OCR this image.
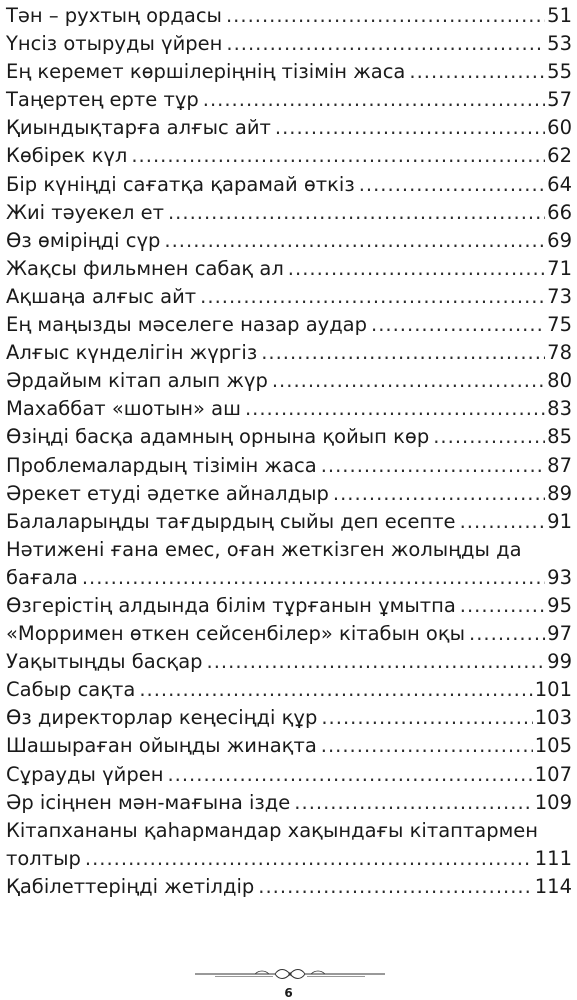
Тән – рухтың ордасы .....	51
Үнсіз отыруды үйрен .....	53
Ең керемет көршілеріңнің тізімін жаса .....	55
Таңертең ерте тұр .....	57
Қиындықтарға алғыс айт .....	60
Көбірек күл .....	62
Бір күніңді сағатқа қарамай өткіз .....	64
Жиі тәуекел ет .....	66
Өз өміріңді сүр .....	69
Жақсы фильмнен сабақ ал .....	71
Ақшаңа алғыс айт .....	73
Ең маңызды мәселеге назар аудар .....	75
Алғыс күнделігін жүргіз .....	78
Әрдайым кітап алып жүр .....	80
Махаббат «шотын» аш .....	83
Өзіңді басқа адамның орнына қойып көр .....	85
Проблемалардың тізімін жаса .....	87
Әрекет етуді әдетке айналдыр .....	89
Балаларыңды тағдырдың сыйы деп есепте .....	91
Нәтижені ғана емес, оған жеткізген жолыңды да
бағала .....	93
Өзгерістің алдында білім тұрғанын ұмытпа .....	95
«Морримен өткен сейсенбілер» кітабын оқы .....	97
Уақытыңды басқар .....	99
Сабыр сақта .....	101
Өз директорлар кеңесіңді құр .....	103
Шашыраған ойыңды жинақта .....	105
Сұрауды үйрен .....	107
Әр ісіңнен мән-мағына ізде .....	109
Кітапхананы қаһармандар хақындағы кітаптармен
толтыр .....	111
Қабілеттеріңді жетілдір .....	114
6
